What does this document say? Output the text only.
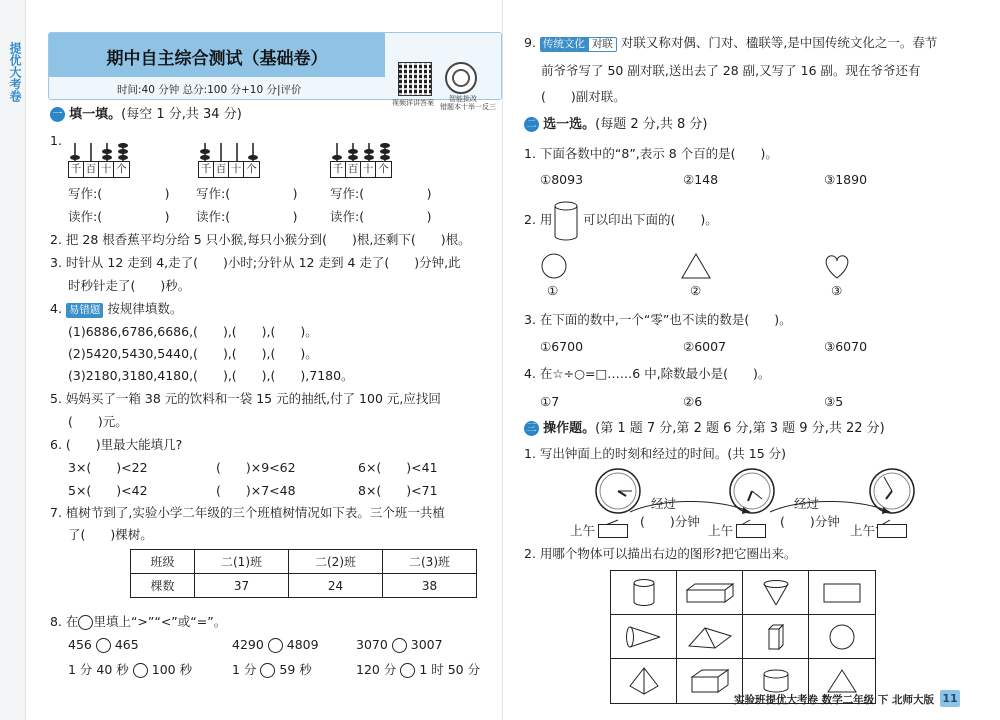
提优大考卷	期中自主综合测试（基础卷）
时间:40 分钟 总分:100 分+10 分|评价
视频详讲答案 智能批改
错题本十举一反三
一 填一填。(每空 1 分,共 34 分)
1.
千 百 十 个	千 百 十 个	千 百 十 个
写作:(　　　　　) 写作:(　　　　　)	写作:(　　　　　)
读作:(　　　　　) 读作:(　　　　　)	读作:(　　　　　)
2. 把 28 根香蕉平均分给 5 只小猴,每只小猴分到(　　)根,还剩下(　　)根。
3. 时针从 12 走到 4,走了(　　)小时;分针从 12 走到 4 走了(　　)分钟,此
时秒针走了(　　)秒。
4. 易错题 按规律填数。
(1)6886,6786,6686,(　　),(　　),(　　)。
(2)5420,5430,5440,(　　),(　　),(　　)。
(3)2180,3180,4180,(　　),(　　),(　　),7180。
5. 妈妈买了一箱 38 元的饮料和一袋 15 元的抽纸,付了 100 元,应找回
(　　)元。
6. (　　)里最大能填几?
3×(　　)<22	(　　)×9<62	6×(　　)<41
5×(　　)<42	(　　)×7<48	8×(　　)<71
7. 植树节到了,实验小学二年级的三个班植树情况如下表。三个班一共植
了(　　)棵树。
班级	二(1)班	二(2)班	二(3)班
棵数	37	24	38
8. 在 里填上“>”“<”或“=”。
456 465	4290 4809	3070 3007
1 分 40 秒 100 秒	1 分 59 秒	120 分 1 时 50 分
9. 传统文化 对联 对联又称对偶、门对、楹联等,是中国传统文化之一。春节
前爷爷写了 50 副对联,送出去了 28 副,又写了 16 副。现在爷爷还有
(　　)副对联。
二 选一选。(每题 2 分,共 8 分)
1. 下面各数中的“8”,表示 8 个百的是(　　)。
①8093	②148	③1890
2. 用 可以印出下面的(　　)。
①	②	③
3. 在下面的数中,一个“零”也不读的数是(　　)。
①6700	②6007	③6070
4. 在☆÷○=□……6 中,除数最小是(　　)。
①7	②6	③5
三 操作题。(第 1 题 7 分,第 2 题 6 分,第 3 题 9 分,共 22 分)
1. 写出钟面上的时刻和经过的时间。(共 15 分)
经过	经过
(　　)分钟	(　　)分钟
上午	上午	上午
2. 用哪个物体可以描出右边的图形?把它圈出来。
实验班提优大考卷 数学二年级 下 北师大版 11
